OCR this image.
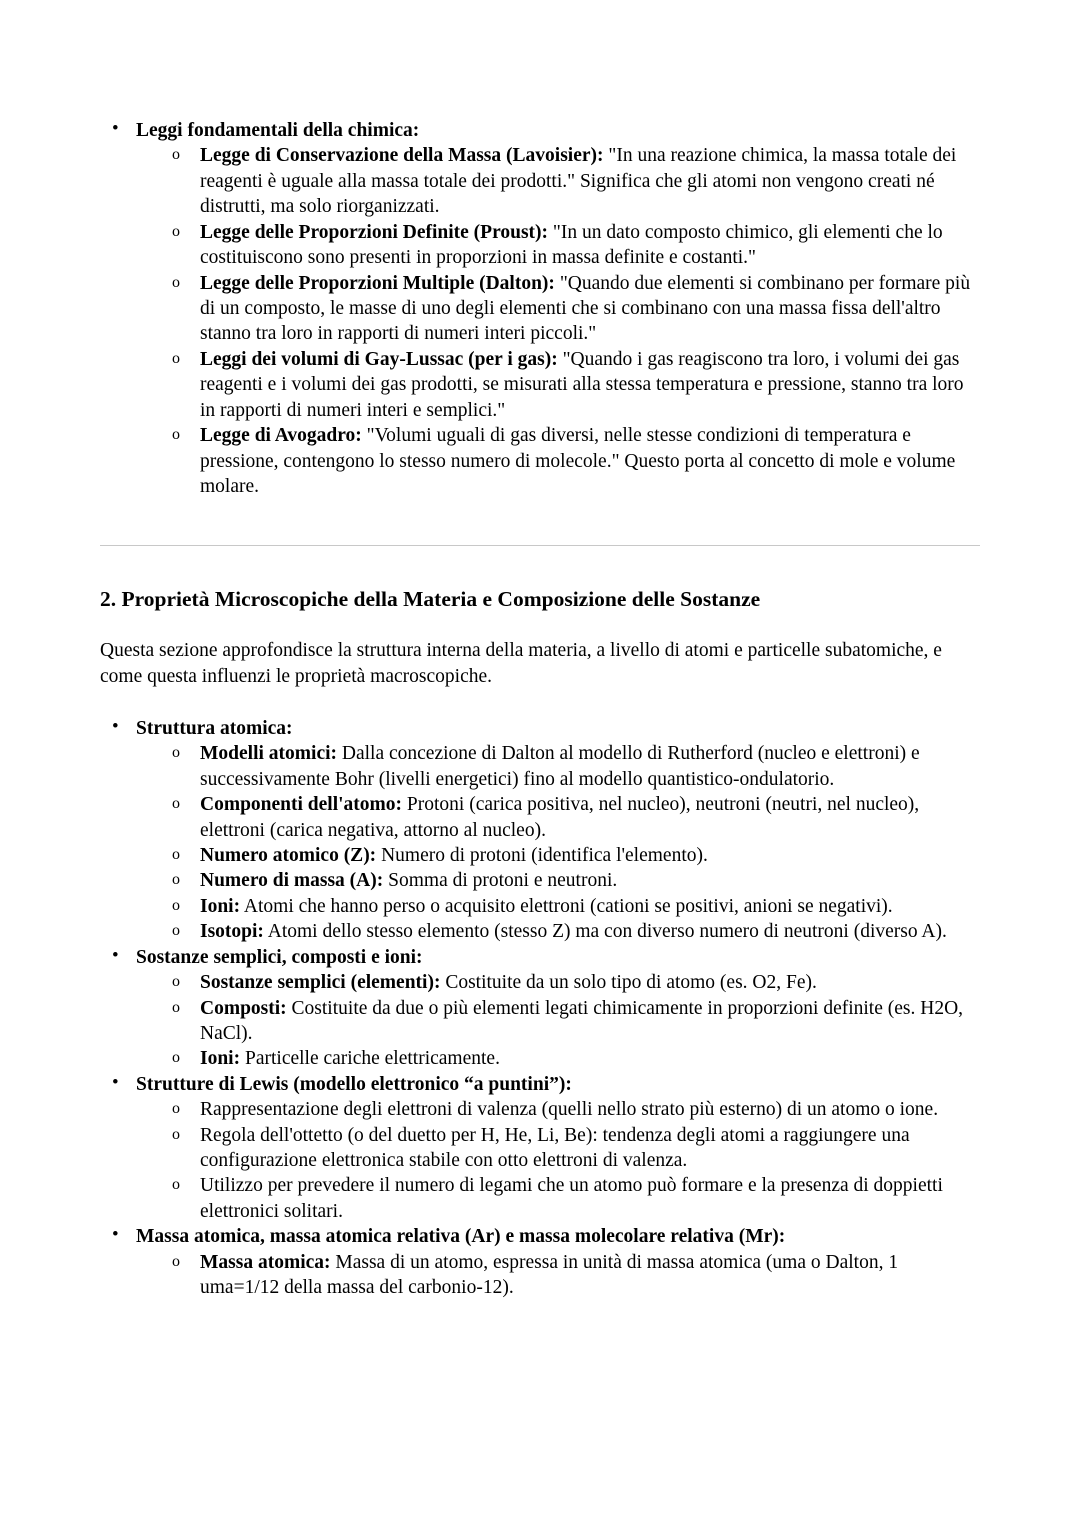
• Leggi fondamentali della chimica:
o Legge di Conservazione della Massa (Lavoisier): "In una reazione chimica, la massa totale dei reagenti è uguale alla massa totale dei prodotti." Significa che gli atomi non vengono creati né distrutti, ma solo riorganizzati.
o Legge delle Proporzioni Definite (Proust): "In un dato composto chimico, gli elementi che lo costituiscono sono presenti in proporzioni in massa definite e costanti."
o Legge delle Proporzioni Multiple (Dalton): "Quando due elementi si combinano per formare più di un composto, le masse di uno degli elementi che si combinano con una massa fissa dell'altro stanno tra loro in rapporti di numeri interi piccoli."
o Leggi dei volumi di Gay-Lussac (per i gas): "Quando i gas reagiscono tra loro, i volumi dei gas reagenti e i volumi dei gas prodotti, se misurati alla stessa temperatura e pressione, stanno tra loro in rapporti di numeri interi e semplici."
o Legge di Avogadro: "Volumi uguali di gas diversi, nelle stesse condizioni di temperatura e pressione, contengono lo stesso numero di molecole." Questo porta al concetto di mole e volume molare.
2. Proprietà Microscopiche della Materia e Composizione delle Sostanze

Questa sezione approfondisce la struttura interna della materia, a livello di atomi e particelle subatomiche, e come questa influenzi le proprietà macroscopiche.

• Struttura atomica:
o Modelli atomici: Dalla concezione di Dalton al modello di Rutherford (nucleo e elettroni) e successivamente Bohr (livelli energetici) fino al modello quantistico-ondulatorio.
o Componenti dell'atomo: Protoni (carica positiva, nel nucleo), neutroni (neutri, nel nucleo), elettroni (carica negativa, attorno al nucleo).
o Numero atomico (Z): Numero di protoni (identifica l'elemento).
o Numero di massa (A): Somma di protoni e neutroni.
o Ioni: Atomi che hanno perso o acquisito elettroni (cationi se positivi, anioni se negativi).
o Isotopi: Atomi dello stesso elemento (stesso Z) ma con diverso numero di neutroni (diverso A).
• Sostanze semplici, composti e ioni:
o Sostanze semplici (elementi): Costituite da un solo tipo di atomo (es. O2, Fe).
o Composti: Costituite da due o più elementi legati chimicamente in proporzioni definite (es. H2O, NaCl).
o Ioni: Particelle cariche elettricamente.
• Strutture di Lewis (modello elettronico “a puntini”):
o Rappresentazione degli elettroni di valenza (quelli nello strato più esterno) di un atomo o ione.
o Regola dell'ottetto (o del duetto per H, He, Li, Be): tendenza degli atomi a raggiungere una configurazione elettronica stabile con otto elettroni di valenza.
o Utilizzo per prevedere il numero di legami che un atomo può formare e la presenza di doppietti elettronici solitari.
• Massa atomica, massa atomica relativa (Ar) e massa molecolare relativa (Mr):
o Massa atomica: Massa di un atomo, espressa in unità di massa atomica (uma o Dalton, 1 uma=1/12 della massa del carbonio-12).
